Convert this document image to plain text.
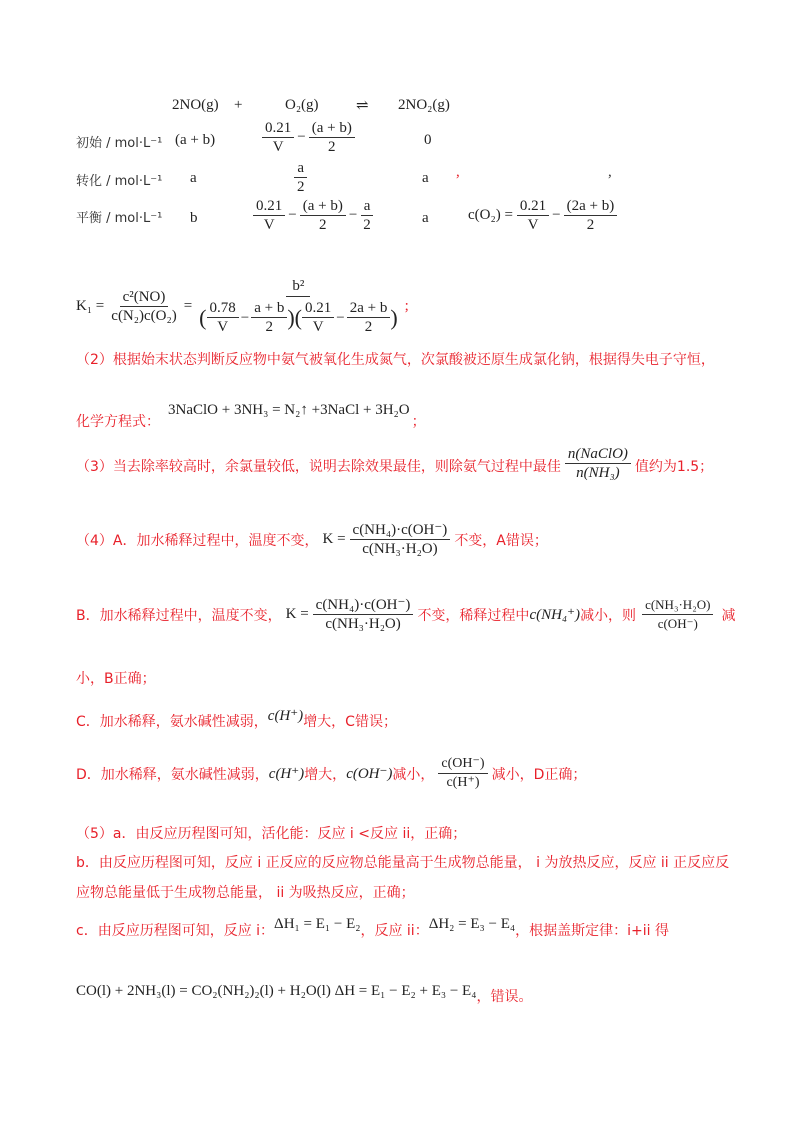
2NO(g) +	O₂(g) ⇌ 2NO₂(g)
初始 / mol·L⁻¹ (a + b)	$\frac{0.21}{V} - \frac{(a + b)}{2}$	0
转化 / mol·L⁻¹ a	$\frac{a}{2}$	a ,	,
平衡 / mol·L⁻¹ b	$\frac{0.21}{V} - \frac{(a + b)}{2} - \frac{a}{2}$	a	$c(O_2) = \frac{0.21}{V} - \frac{(2a + b)}{2}$
$K_1 = \frac{\text{c²(NO)}}{\text{c(N₂)c(O₂)}}$ =
b²
( $\frac{0.78}{V} - \frac{a + b}{2}$ )( $\frac{0.21}{V} - \frac{2a + b}{2}$ ) ;
（2）根据始末状态判断反应物中氨气被氧化生成氮气，次氯酸被还原生成氯化钠，根据得失电子守恒，
化学方程式：
3NaClO + 3NH₃ = N₂↑ +3NaCl + 3H₂O
；
（3）当去除率较高时，余氯量较低，说明去除效果最佳，则除氨气过程中最佳 $\frac{\text{n(NaClO)}}{\text{n(NH₃)}}$ 值约为1.5；
（4）A．加水稀释过程中，温度不变， $K = \frac{\text{c(NH₄)·c(OH⁻)}}{\text{c(NH₃·H₂O)}}$ 不变，A错误；
B．加水稀释过程中，温度不变， $K = \frac{\text{c(NH₄)·c(OH⁻)}}{\text{c(NH₃·H₂O)}}$ 不变，稀释过程中 c(NH₄⁺) 减小，则 $\frac{\text{c(NH₃·H₂O)}}{c(OH^-)}$ 减
小，B正确；
C．加水稀释，氨水碱性减弱， c(H⁺) 增大，C错误；
D．加水稀释，氨水碱性减弱， c(H⁺) 增大， c(OH⁻) 减小， $\frac{c(OH^-)}{c(H^+)}$ 减小，D正确；
（5）a．由反应历程图可知，活化能：反应 i <反应 ii，正确；
b．由反应历程图可知，反应 i 正反应的反应物总能量高于生成物总能量， i 为放热反应，反应 ii 正反应反
应物总能量低于生成物总能量， ii 为吸热反应，正确；
c．由反应历程图可知，反应 i： ΔH₁ = E₁ − E₂ ，反应 ii： ΔH₂ = E₃ − E₄ ，根据盖斯定律：i+ii 得
CO(l) + 2NH₃(l) = CO₂(NH₂)₂(l) + H₂O(l) ΔH = E₁ − E₂ + E₃ − E₄ ，错误。
